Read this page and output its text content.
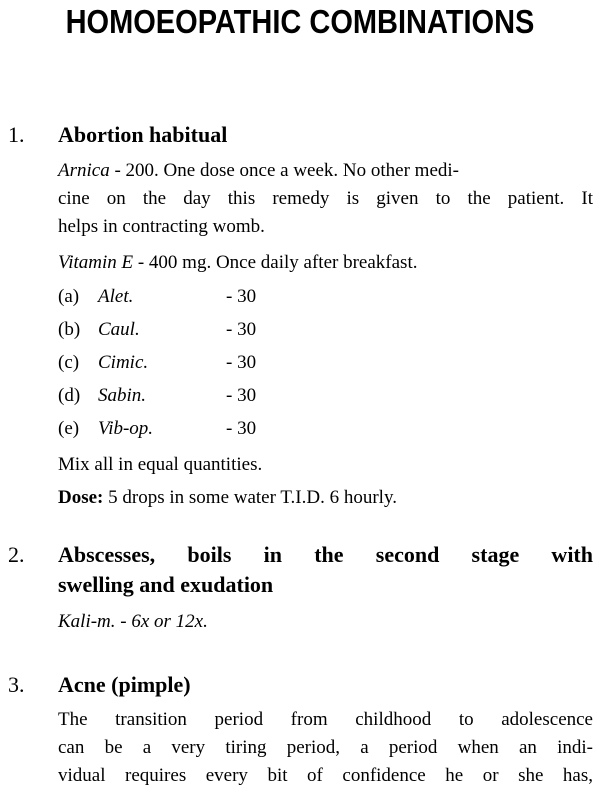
HOMOEOPATHIC COMBINATIONS
1. Abortion habitual
Arnica - 200. One dose once a week. No other medi-
cine on the day this remedy is given to the patient. It
helps in contracting womb.
Vitamin E - 400 mg. Once daily after breakfast.
(a) Alet.	- 30
(b) Caul.	- 30
(c) Cimic.	- 30
(d) Sabin.	- 30
(e) Vib-op.	- 30
Mix all in equal quantities.
Dose: 5 drops in some water T.I.D. 6 hourly.
2. Abscesses, boils in the second stage with
swelling and exudation
Kali-m. - 6x or 12x.
3. Acne (pimple)
The transition period from childhood to adolescence
can be a very tiring period, a period when an indi-
vidual requires every bit of confidence he or she has,
